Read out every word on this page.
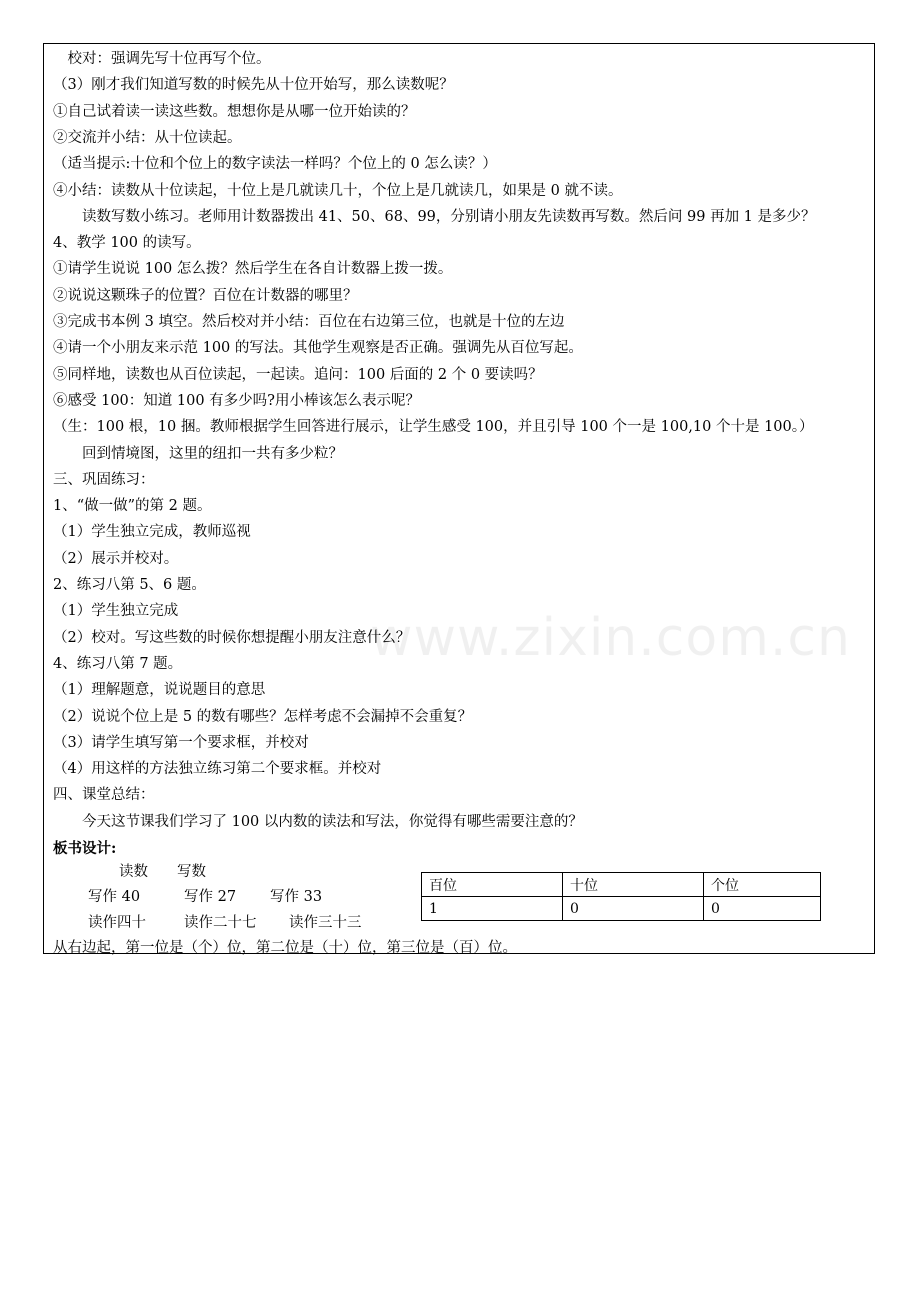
　校对：强调先写十位再写个位。
（3）刚才我们知道写数的时候先从十位开始写，那么读数呢？
①自己试着读一读这些数。想想你是从哪一位开始读的？
②交流并小结：从十位读起。
（适当提示:十位和个位上的数字读法一样吗？个位上的 0 怎么读？）
④小结：读数从十位读起，十位上是几就读几十，个位上是几就读几，如果是 0 就不读。
　　读数写数小练习。老师用计数器拨出 41、50、68、99，分别请小朋友先读数再写数。然后问 99 再加 1 是多少？
4、教学 100 的读写。
①请学生说说 100 怎么拨？然后学生在各自计数器上拨一拨。
②说说这颗珠子的位置？百位在计数器的哪里？
③完成书本例 3 填空。然后校对并小结：百位在右边第三位，也就是十位的左边
④请一个小朋友来示范 100 的写法。其他学生观察是否正确。强调先从百位写起。
⑤同样地，读数也从百位读起，一起读。追问：100 后面的 2 个 0 要读吗？
⑥感受 100：知道 100 有多少吗?用小棒该怎么表示呢？
（生：100 根，10 捆。教师根据学生回答进行展示，让学生感受 100，并且引导 100 个一是 100,10 个十是 100。）
　　回到情境图，这里的纽扣一共有多少粒？
三、巩固练习：
1、“做一做”的第 2 题。
（1）学生独立完成，教师巡视
（2）展示并校对。
2、练习八第 5、6 题。
（1）学生独立完成
（2）校对。写这些数的时候你想提醒小朋友注意什么？
4、练习八第 7 题。
（1）理解题意，说说题目的意思
（2）说说个位上是 5 的数有哪些？怎样考虑不会漏掉不会重复？
（3）请学生填写第一个要求框，并校对
（4）用这样的方法独立练习第二个要求框。并校对
四、课堂总结：
　　今天这节课我们学习了 100 以内数的读法和写法，你觉得有哪些需要注意的？
板书设计:
读数　　写数
写作 40	写作 27 写作 33
读作四十	读作二十七 读作三十三
百位	十位	个位
1	0	0
从右边起，第一位是（个）位，第二位是（十）位，第三位是（百）位。
www.zixin.com.cn
